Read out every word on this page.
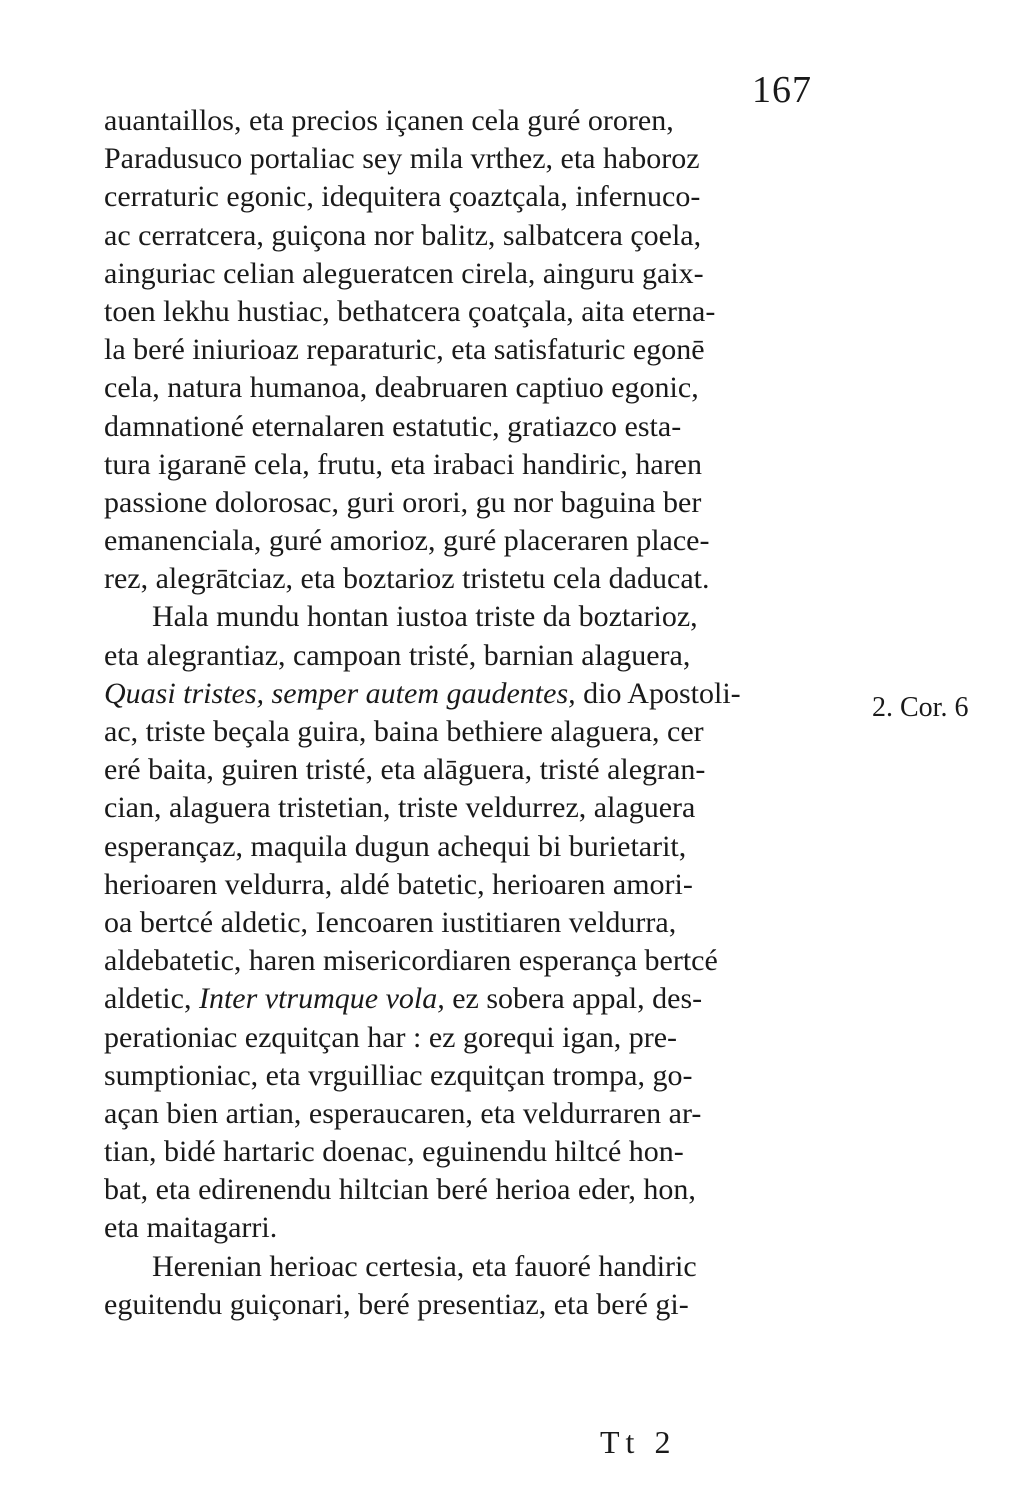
167
auantaillos, eta precios içanen cela guré ororen,
Paradusuco portaliac sey mila vrthez, eta haboroz
cerraturic egonic, idequitera çoaztçala, infernuco-
ac cerratcera, guiçona nor balitz, salbatcera çoela,
ainguriac celian alegueratcen cirela, ainguru gaix-
toen lekhu hustiac, bethatcera çoatçala, aita eterna-
la beré iniurioaz reparaturic, eta satisfaturic egonē
cela, natura humanoa, deabruaren captiuo egonic,
damnationé eternalaren estatutic, gratiazco esta-
tura igaranē cela, frutu, eta irabaci handiric, haren
passione dolorosac, guri orori, gu nor baguina ber
emanenciala, guré amorioz, guré placeraren place-
rez, alegrātciaz, eta boztarioz tristetu cela daducat.
Hala mundu hontan iustoa triste da boztarioz,
eta alegrantiaz, campoan tristé, barnian alaguera,
Quasi tristes, semper autem gaudentes, dio Apostoli-
ac, triste beçala guira, baina bethiere alaguera, cer
eré baita, guiren tristé, eta alāguera, tristé alegran-
cian, alaguera tristetian, triste veldurrez, alaguera
esperançaz, maquila dugun achequi bi burietarit,
herioaren veldurra, aldé batetic, herioaren amori-
oa bertcé aldetic, Iencoaren iustitiaren veldurra,
aldebatetic, haren misericordiaren esperança bertcé
aldetic, Inter vtrumque vola, ez sobera appal, des-
perationiac ezquitçan har : ez gorequi igan, pre-
sumptioniac, eta vrguilliac ezquitçan trompa, go-
açan bien artian, esperaucaren, eta veldurraren ar-
tian, bidé hartaric doenac, eguinendu hiltcé hon-
bat, eta edirenendu hiltcian beré herioa eder, hon,
eta maitagarri.
Herenian herioac certesia, eta fauoré handiric
eguitendu guiçonari, beré presentiaz, eta beré gi-
2. Cor. 6
Tt 2
